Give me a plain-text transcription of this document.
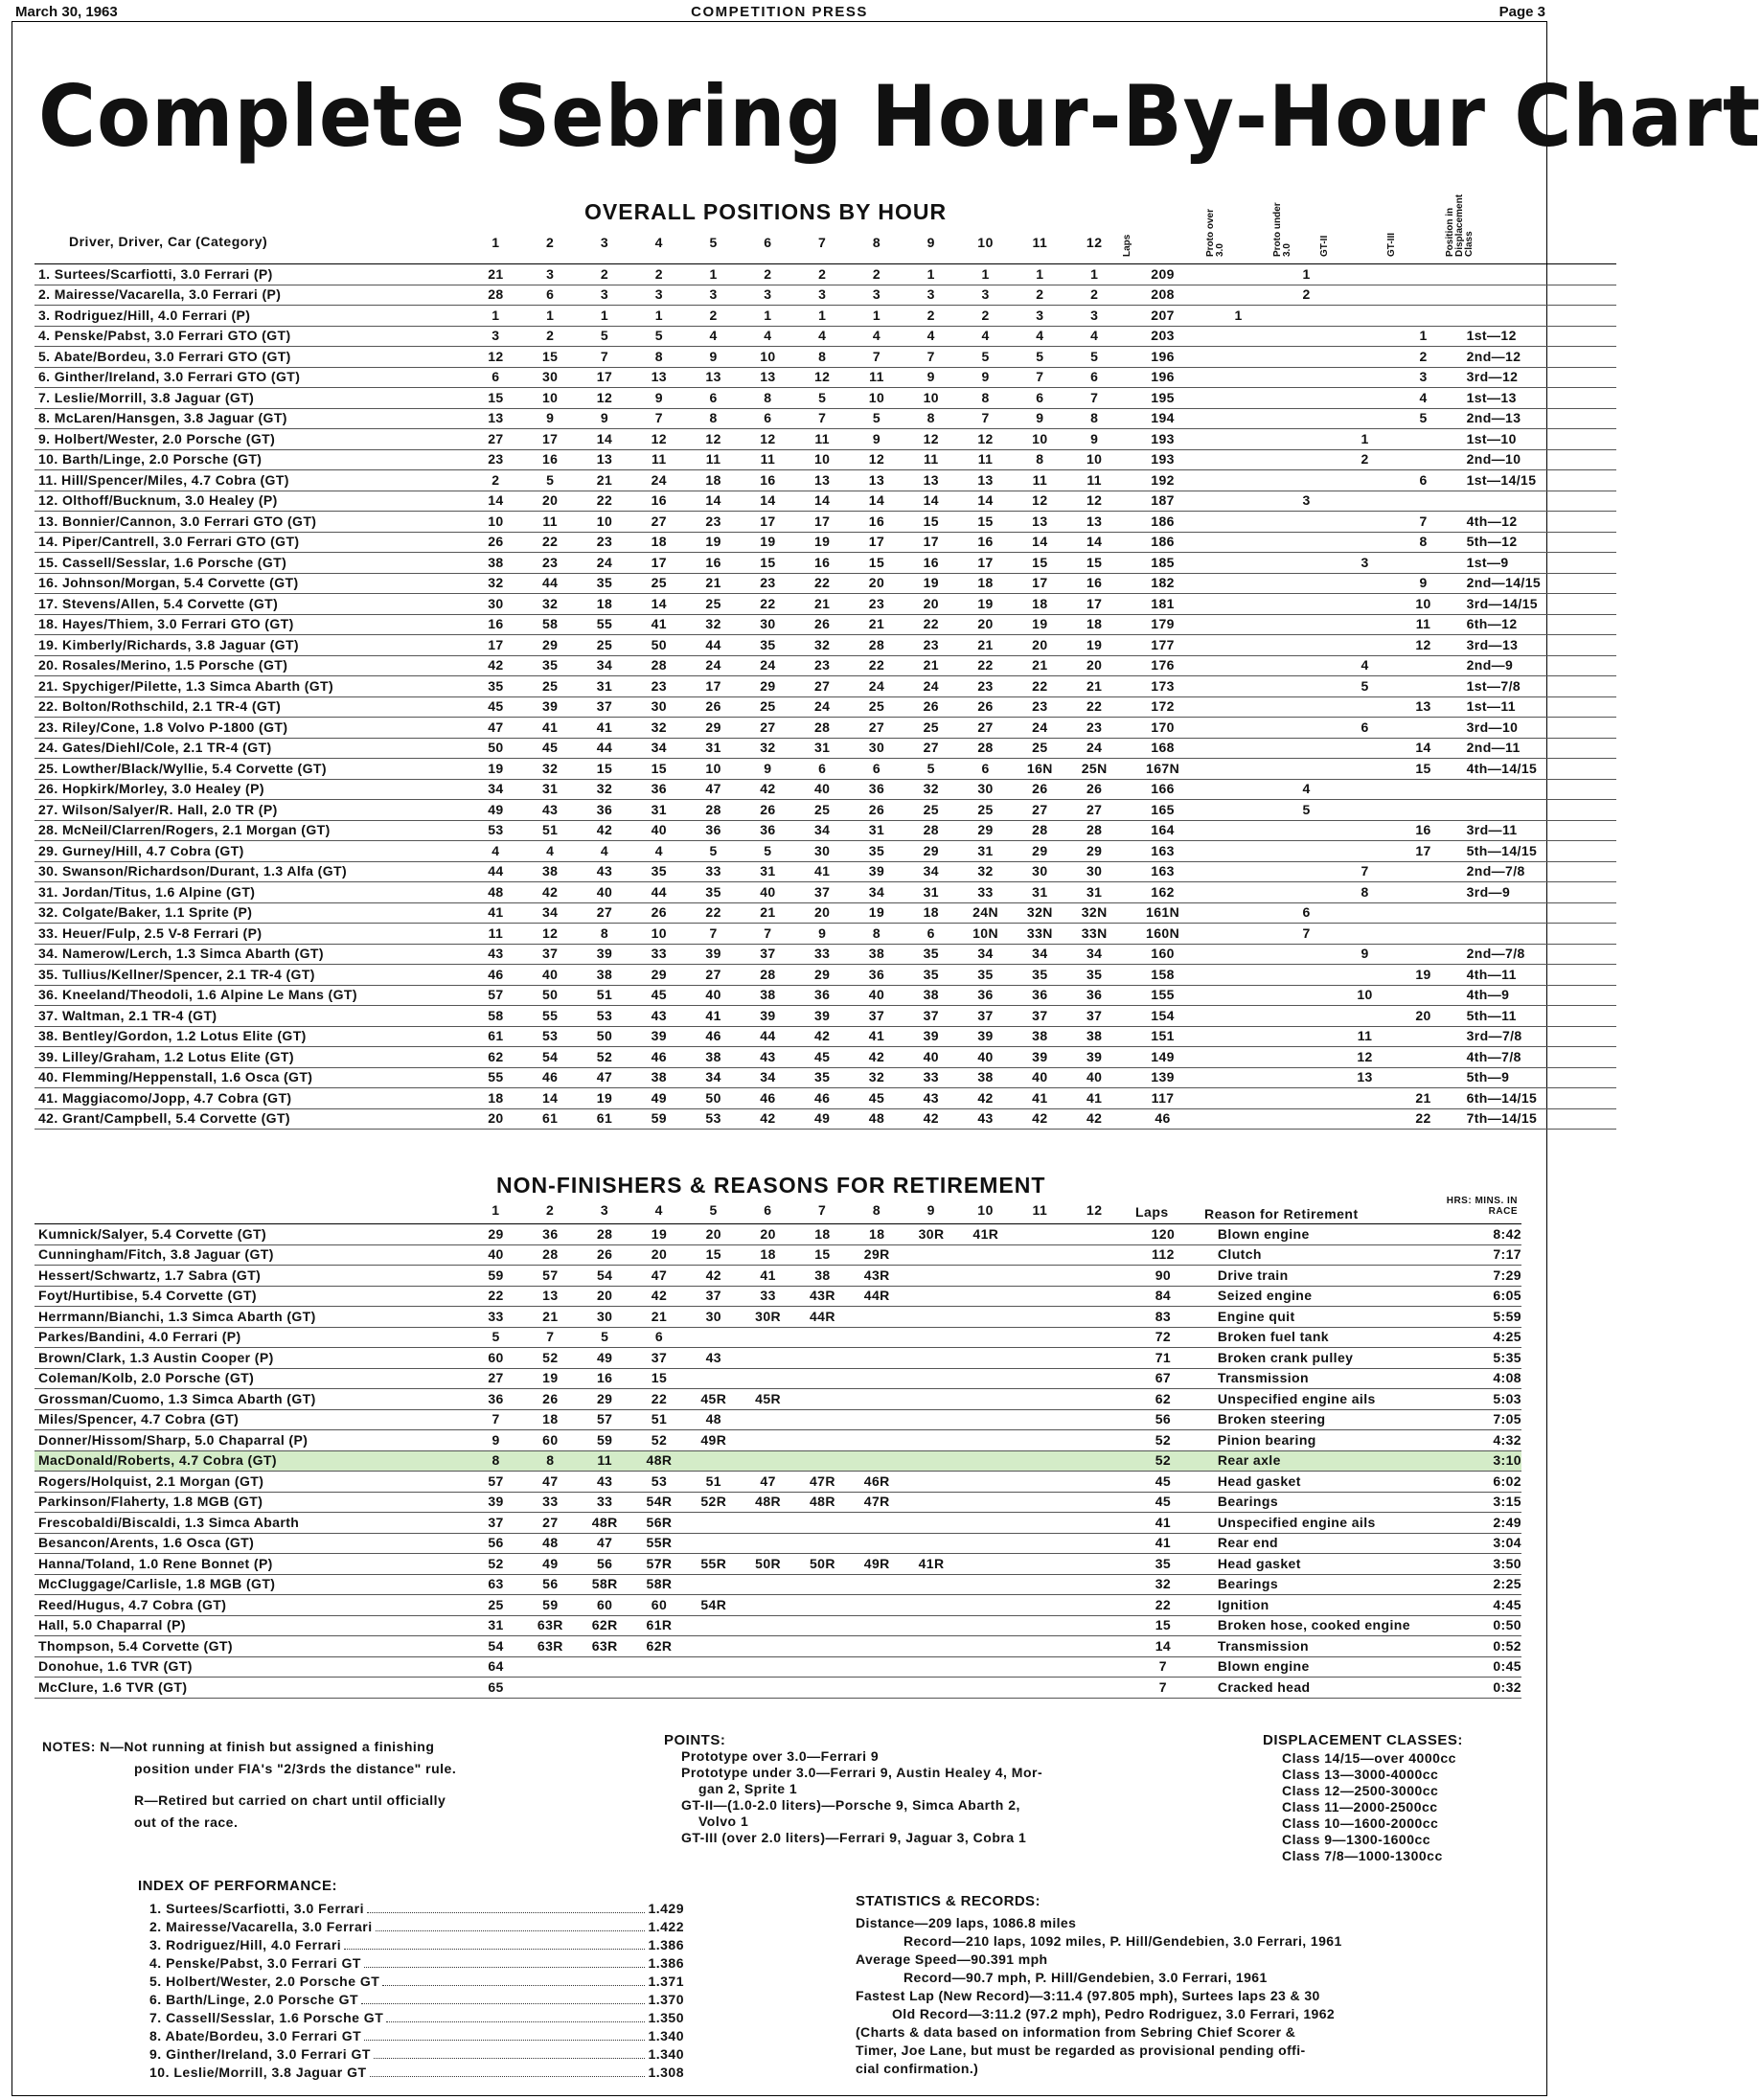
March 30, 1963	COMPETITION PRESS	Page 3
Complete Sebring Hour-By-Hour Chart
OVERALL POSITIONS BY HOUR
Driver, Driver, Car (Category)	1	2	3	4	5	6	7	8	9	10	11	12	Laps	Proto over 3.0	Proto under 3.0	GT-II	GT-III	Position in Displacement Class
1. Surtees/Scarfiotti, 3.0 Ferrari (P)	21	3	2	2	1	2	2	2	1	1	1	1	209		1			
2. Mairesse/Vacarella, 3.0 Ferrari (P)	28	6	3	3	3	3	3	3	3	3	2	2	208		2			
3. Rodriguez/Hill, 4.0 Ferrari (P)	1	1	1	1	2	1	1	1	2	2	3	3	207	1				
4. Penske/Pabst, 3.0 Ferrari GTO (GT)	3	2	5	5	4	4	4	4	4	4	4	4	203				1	1st—12
5. Abate/Bordeu, 3.0 Ferrari GTO (GT)	12	15	7	8	9	10	8	7	7	5	5	5	196				2	2nd—12
6. Ginther/Ireland, 3.0 Ferrari GTO (GT)	6	30	17	13	13	13	12	11	9	9	7	6	196				3	3rd—12
7. Leslie/Morrill, 3.8 Jaguar (GT)	15	10	12	9	6	8	5	10	10	8	6	7	195				4	1st—13
8. McLaren/Hansgen, 3.8 Jaguar (GT)	13	9	9	7	8	6	7	5	8	7	9	8	194				5	2nd—13
9. Holbert/Wester, 2.0 Porsche (GT)	27	17	14	12	12	12	11	9	12	12	10	9	193			1		1st—10
10. Barth/Linge, 2.0 Porsche (GT)	23	16	13	11	11	11	10	12	11	11	8	10	193			2		2nd—10
11. Hill/Spencer/Miles, 4.7 Cobra (GT)	2	5	21	24	18	16	13	13	13	13	11	11	192				6	1st—14/15
12. Olthoff/Bucknum, 3.0 Healey (P)	14	20	22	16	14	14	14	14	14	14	12	12	187		3			
13. Bonnier/Cannon, 3.0 Ferrari GTO (GT)	10	11	10	27	23	17	17	16	15	15	13	13	186				7	4th—12
14. Piper/Cantrell, 3.0 Ferrari GTO (GT)	26	22	23	18	19	19	19	17	17	16	14	14	186				8	5th—12
15. Cassell/Sesslar, 1.6 Porsche (GT)	38	23	24	17	16	15	16	15	16	17	15	15	185			3		1st—9
16. Johnson/Morgan, 5.4 Corvette (GT)	32	44	35	25	21	23	22	20	19	18	17	16	182				9	2nd—14/15
17. Stevens/Allen, 5.4 Corvette (GT)	30	32	18	14	25	22	21	23	20	19	18	17	181				10	3rd—14/15
18. Hayes/Thiem, 3.0 Ferrari GTO (GT)	16	58	55	41	32	30	26	21	22	20	19	18	179				11	6th—12
19. Kimberly/Richards, 3.8 Jaguar (GT)	17	29	25	50	44	35	32	28	23	21	20	19	177				12	3rd—13
20. Rosales/Merino, 1.5 Porsche (GT)	42	35	34	28	24	24	23	22	21	22	21	20	176			4		2nd—9
21. Spychiger/Pilette, 1.3 Simca Abarth (GT)	35	25	31	23	17	29	27	24	24	23	22	21	173			5		1st—7/8
22. Bolton/Rothschild, 2.1 TR-4 (GT)	45	39	37	30	26	25	24	25	26	26	23	22	172				13	1st—11
23. Riley/Cone, 1.8 Volvo P-1800 (GT)	47	41	41	32	29	27	28	27	25	27	24	23	170			6		3rd—10
24. Gates/Diehl/Cole, 2.1 TR-4 (GT)	50	45	44	34	31	32	31	30	27	28	25	24	168				14	2nd—11
25. Lowther/Black/Wyllie, 5.4 Corvette (GT)	19	32	15	15	10	9	6	6	5	6	16N	25N	167N				15	4th—14/15
26. Hopkirk/Morley, 3.0 Healey (P)	34	31	32	36	47	42	40	36	32	30	26	26	166		4			
27. Wilson/Salyer/R. Hall, 2.0 TR (P)	49	43	36	31	28	26	25	26	25	25	27	27	165		5			
28. McNeil/Clarren/Rogers, 2.1 Morgan (GT)	53	51	42	40	36	36	34	31	28	29	28	28	164				16	3rd—11
29. Gurney/Hill, 4.7 Cobra (GT)	4	4	4	4	5	5	30	35	29	31	29	29	163				17	5th—14/15
30. Swanson/Richardson/Durant, 1.3 Alfa (GT)	44	38	43	35	33	31	41	39	34	32	30	30	163			7		2nd—7/8
31. Jordan/Titus, 1.6 Alpine (GT)	48	42	40	44	35	40	37	34	31	33	31	31	162			8		3rd—9
32. Colgate/Baker, 1.1 Sprite (P)	41	34	27	26	22	21	20	19	18	24N	32N	32N	161N		6			
33. Heuer/Fulp, 2.5 V-8 Ferrari (P)	11	12	8	10	7	7	9	8	6	10N	33N	33N	160N		7			
34. Namerow/Lerch, 1.3 Simca Abarth (GT)	43	37	39	33	39	37	33	38	35	34	34	34	160			9		2nd—7/8
35. Tullius/Kellner/Spencer, 2.1 TR-4 (GT)	46	40	38	29	27	28	29	36	35	35	35	35	158				19	4th—11
36. Kneeland/Theodoli, 1.6 Alpine Le Mans (GT)	57	50	51	45	40	38	36	40	38	36	36	36	155			10		4th—9
37. Waltman, 2.1 TR-4 (GT)	58	55	53	43	41	39	39	37	37	37	37	37	154				20	5th—11
38. Bentley/Gordon, 1.2 Lotus Elite (GT)	61	53	50	39	46	44	42	41	39	39	38	38	151			11		3rd—7/8
39. Lilley/Graham, 1.2 Lotus Elite (GT)	62	54	52	46	38	43	45	42	40	40	39	39	149			12		4th—7/8
40. Flemming/Heppenstall, 1.6 Osca (GT)	55	46	47	38	34	34	35	32	33	38	40	40	139			13		5th—9
41. Maggiacomo/Jopp, 4.7 Cobra (GT)	18	14	19	49	50	46	46	45	43	42	41	41	117				21	6th—14/15
42. Grant/Campbell, 5.4 Corvette (GT)	20	61	61	59	53	42	49	48	42	43	42	42	46				22	7th—14/15
NON-FINISHERS & REASONS FOR RETIREMENT
1	2	3	4	5	6	7	8	9	10	11	12	Laps	Reason for Retirement
HRS: MINS. IN RACE
Kumnick/Salyer, 5.4 Corvette (GT)	29	36	28	19	20	20	18	18	30R	41R			120	Blown engine	8:42
Cunningham/Fitch, 3.8 Jaguar (GT)	40	28	26	20	15	18	15	29R					112	Clutch	7:17
Hessert/Schwartz, 1.7 Sabra (GT)	59	57	54	47	42	41	38	43R					90	Drive train	7:29
Foyt/Hurtibise, 5.4 Corvette (GT)	22	13	20	42	37	33	43R	44R					84	Seized engine	6:05
Herrmann/Bianchi, 1.3 Simca Abarth (GT)	33	21	30	21	30	30R	44R						83	Engine quit	5:59
Parkes/Bandini, 4.0 Ferrari (P)	5	7	5	6									72	Broken fuel tank	4:25
Brown/Clark, 1.3 Austin Cooper (P)	60	52	49	37	43								71	Broken crank pulley	5:35
Coleman/Kolb, 2.0 Porsche (GT)	27	19	16	15									67	Transmission	4:08
Grossman/Cuomo, 1.3 Simca Abarth (GT)	36	26	29	22	45R	45R							62	Unspecified engine ails	5:03
Miles/Spencer, 4.7 Cobra (GT)	7	18	57	51	48								56	Broken steering	7:05
Donner/Hissom/Sharp, 5.0 Chaparral (P)	9	60	59	52	49R								52	Pinion bearing	4:32
MacDonald/Roberts, 4.7 Cobra (GT)	8	8	11	48R									52	Rear axle	3:10
Rogers/Holquist, 2.1 Morgan (GT)	57	47	43	53	51	47	47R	46R					45	Head gasket	6:02
Parkinson/Flaherty, 1.8 MGB (GT)	39	33	33	54R	52R	48R	48R	47R					45	Bearings	3:15
Frescobaldi/Biscaldi, 1.3 Simca Abarth	37	27	48R	56R									41	Unspecified engine ails	2:49
Besancon/Arents, 1.6 Osca (GT)	56	48	47	55R									41	Rear end	3:04
Hanna/Toland, 1.0 Rene Bonnet (P)	52	49	56	57R	55R	50R	50R	49R	41R				35	Head gasket	3:50
McCluggage/Carlisle, 1.8 MGB (GT)	63	56	58R	58R									32	Bearings	2:25
Reed/Hugus, 4.7 Cobra (GT)	25	59	60	60	54R								22	Ignition	4:45
Hall, 5.0 Chaparral (P)	31	63R	62R	61R									15	Broken hose, cooked engine	0:50
Thompson, 5.4 Corvette (GT)	54	63R	63R	62R									14	Transmission	0:52
Donohue, 1.6 TVR (GT)	64												7	Blown engine	0:45
McClure, 1.6 TVR (GT)	65												7	Cracked head	0:32
NOTES: N—Not running at finish but assigned a finishing
position under FIA's "2/3rds the distance" rule.
R—Retired but carried on chart until officially
out of the race.
POINTS:
Prototype over 3.0—Ferrari 9
Prototype under 3.0—Ferrari 9, Austin Healey 4, Mor-
gan 2, Sprite 1
GT-II—(1.0-2.0 liters)—Porsche 9, Simca Abarth 2,
Volvo 1
GT-III (over 2.0 liters)—Ferrari 9, Jaguar 3, Cobra 1
DISPLACEMENT CLASSES:
Class 14/15—over 4000cc
Class 13—3000-4000cc
Class 12—2500-3000cc
Class 11—2000-2500cc
Class 10—1600-2000cc
Class 9—1300-1600cc
Class 7/8—1000-1300cc
INDEX OF PERFORMANCE:
1. Surtees/Scarfiotti, 3.0 Ferrari	1.429
2. Mairesse/Vacarella, 3.0 Ferrari	1.422
3. Rodriguez/Hill, 4.0 Ferrari	1.386
4. Penske/Pabst, 3.0 Ferrari GT	1.386
5. Holbert/Wester, 2.0 Porsche GT	1.371
6. Barth/Linge, 2.0 Porsche GT	1.370
7. Cassell/Sesslar, 1.6 Porsche GT	1.350
8. Abate/Bordeu, 3.0 Ferrari GT	1.340
9. Ginther/Ireland, 3.0 Ferrari GT	1.340
10. Leslie/Morrill, 3.8 Jaguar GT	1.308
STATISTICS & RECORDS:
Distance—209 laps, 1086.8 miles
Record—210 laps, 1092 miles, P. Hill/Gendebien, 3.0 Ferrari, 1961
Average Speed—90.391 mph
Record—90.7 mph, P. Hill/Gendebien, 3.0 Ferrari, 1961
Fastest Lap (New Record)—3:11.4 (97.805 mph), Surtees laps 23 & 30
Old Record—3:11.2 (97.2 mph), Pedro Rodriguez, 3.0 Ferrari, 1962
(Charts & data based on information from Sebring Chief Scorer &
Timer, Joe Lane, but must be regarded as provisional pending offi-
cial confirmation.)
